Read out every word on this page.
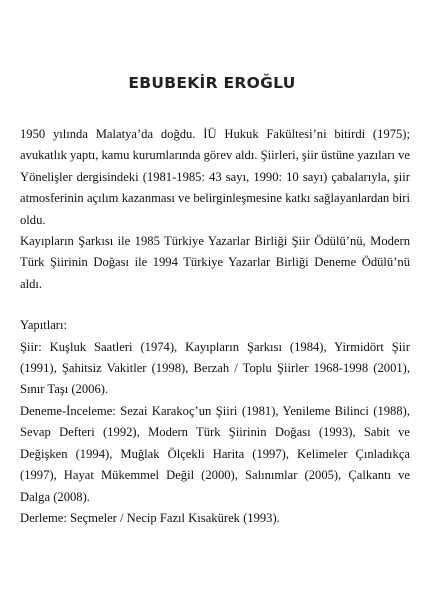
EBUBEKİR EROĞLU

1950 yılında Malatya’da doğdu. İÜ Hukuk Fakültesi’ni bitirdi (1975); avukatlık yaptı, kamu kurumlarında görev aldı. Şiirleri, şiir üstüne yazıları ve Yönelişler dergisindeki (1981-1985: 43 sayı, 1990: 10 sayı) çabalarıyla, şiir atmosferinin açılım kazanması ve belirginleşmesine katkı sağlayanlardan biri oldu.

Kayıpların Şarkısı ile 1985 Türkiye Yazarlar Birliği Şiir Ödülü’nü, Modern Türk Şiirinin Doğası ile 1994 Türkiye Yazarlar Birliği Deneme Ödülü’nü aldı.

Yapıtları:

Şiir: Kuşluk Saatleri (1974), Kayıpların Şarkısı (1984), Yirmidört Şiir (1991), Şahitsiz Vakitler (1998), Berzah / Toplu Şiirler 1968-1998 (2001), Sınır Taşı (2006).

Deneme-İnceleme: Sezai Karakoç’un Şiiri (1981), Yenileme Bilinci (1988), Sevap Defteri (1992), Modern Türk Şiirinin Doğası (1993), Sabit ve Değişken (1994), Muğlak Ölçekli Harita (1997), Kelimeler Çınladıkça (1997), Hayat Mükemmel Değil (2000), Salınımlar (2005), Çalkantı ve Dalga (2008).

Derleme: Seçmeler / Necip Fazıl Kısakürek (1993).
